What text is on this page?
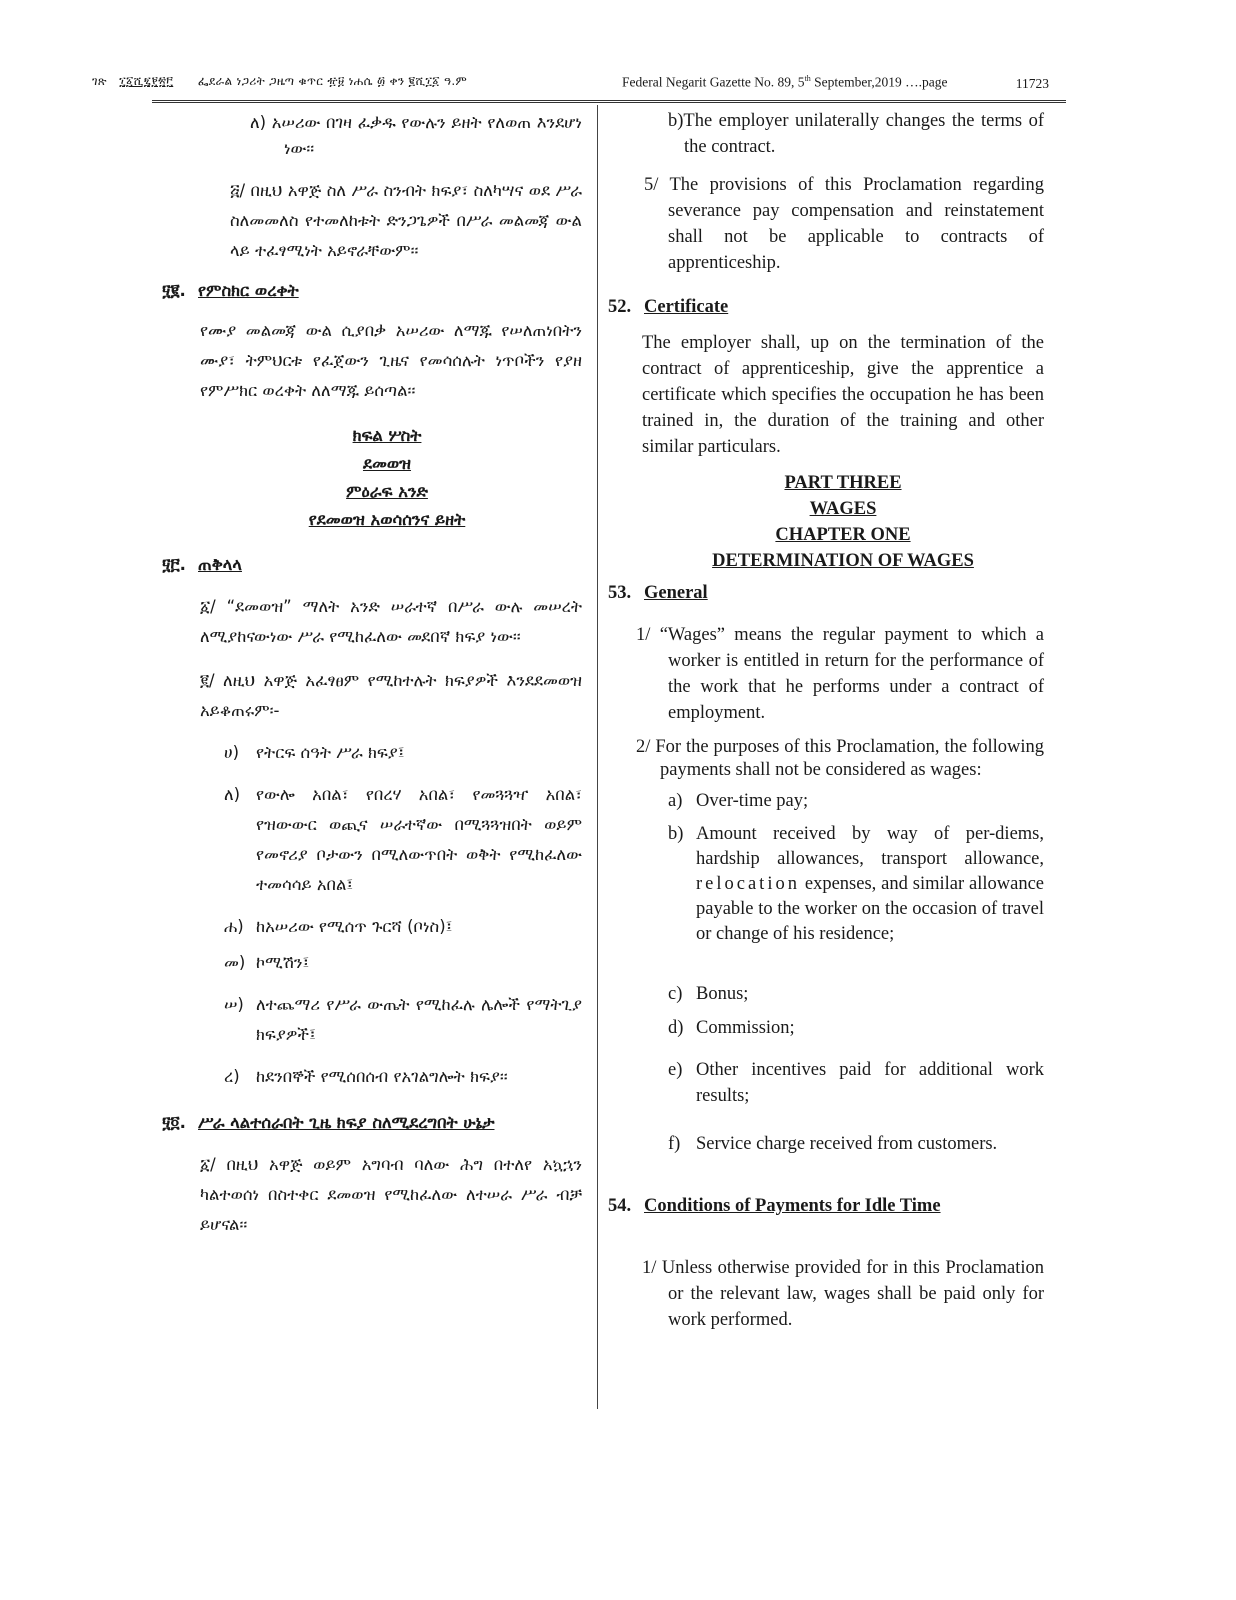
ገጽ ፲፩ሺ፯፻፳፫ ፌደራል ነጋሪት ጋዜጣ ቁጥር ፹፱ ነሐሴ ፴ ቀን ፪ሺ፲፩ ዓ.ም	Federal Negarit Gazette No. 89, 5th September,2019 ….page	11723
ለ) አሠሪው በገዛ ፈቃዱ የውሉን ይዘት የለወጠ እንደሆነ ነው፡፡
፭/ በዚህ አዋጅ ስለ ሥራ ስንብት ክፍያ፣ ስለካሣና ወደ ሥራ ስለመመለስ የተመለከቱት ድንጋጌዎች በሥራ መልመጃ ውል ላይ ተፈፃሚነት አይኖራቸውም፡፡
፶፪. የምስክር ወረቀት
የሙያ መልመጃ ውል ሲያበቃ አሠሪው ለማጁ የሠለጠነበትን ሙያ፣ ትምህርቱ የፈጀውን ጊዜና የመሳሰሉት ነጥቦችን የያዘ የምሥክር ወረቀት ለለማጁ ይሰጣል፡፡
ክፍል ሦስት
ደመወዝ
ምዕራፍ አንድ
የደመወዝ አወሳሰንና ይዘት
፶፫. ጠቅላላ
፩/ “ደመወዝ” ማለት አንድ ሠራተኛ በሥራ ውሉ መሠረት ለሚያከናውነው ሥራ የሚከፈለው መደበኛ ክፍያ ነው፡፡
፪/ ለዚህ አዋጅ አፈፃፀም የሚከተሉት ክፍያዎች እንደደመወዝ አይቆጠሩም፡-
ሀ) የትርፍ ሰዓት ሥራ ክፍያ፤
ለ) የውሎ አበል፣ የበረሃ አበል፣ የመጓጓዣ አበል፣ የዝውውር ወጪና ሠራተኛው በሚጓጓዝበት ወይም የመኖሪያ ቦታውን በሚለውጥበት ወቅት የሚከፈለው ተመሳሳይ አበል፤
ሐ) ከአሠሪው የሚሰጥ ጉርሻ (ቦነስ)፤
መ) ኮሚሽን፤
ሠ) ለተጨማሪ የሥራ ውጤት የሚከፈሉ ሌሎች የማትጊያ ክፍያዎች፤
ረ) ከደንበኞች የሚሰበሰብ የአገልግሎት ክፍያ፡፡
፶፬. ሥራ ላልተሰራበት ጊዜ ክፍያ ስለሚደረግበት ሁኔታ
፩/ በዚህ አዋጅ ወይም አግባብ ባለው ሕግ በተለየ አኳኋን ካልተወሰነ በስተቀር ደመወዝ የሚከፈለው ለተሠራ ሥራ ብቻ ይሆናል፡፡
b)The employer unilaterally changes the terms of the contract.
5/ The provisions of this Proclamation regarding severance pay compensation and reinstatement shall not be applicable to contracts of apprenticeship.
52. Certificate
The employer shall, up on the termination of the contract of apprenticeship, give the apprentice a certificate which specifies the occupation he has been trained in, the duration of the training and other similar particulars.
PART THREE
WAGES
CHAPTER ONE
DETERMINATION OF WAGES
53. General
1/ “Wages” means the regular payment to which a worker is entitled in return for the performance of the work that he performs under a contract of employment.
2/ For the purposes of this Proclamation, the following payments shall not be considered as wages:
a) Over-time pay;
b) Amount received by way of per-diems, hardship allowances, transport allowance, relocation expenses, and similar allowance payable to the worker on the occasion of travel or change of his residence;
c) Bonus;
d) Commission;
e) Other incentives paid for additional work results;
f) Service charge received from customers.
54. Conditions of Payments for Idle Time
1/ Unless otherwise provided for in this Proclamation or the relevant law, wages shall be paid only for work performed.
